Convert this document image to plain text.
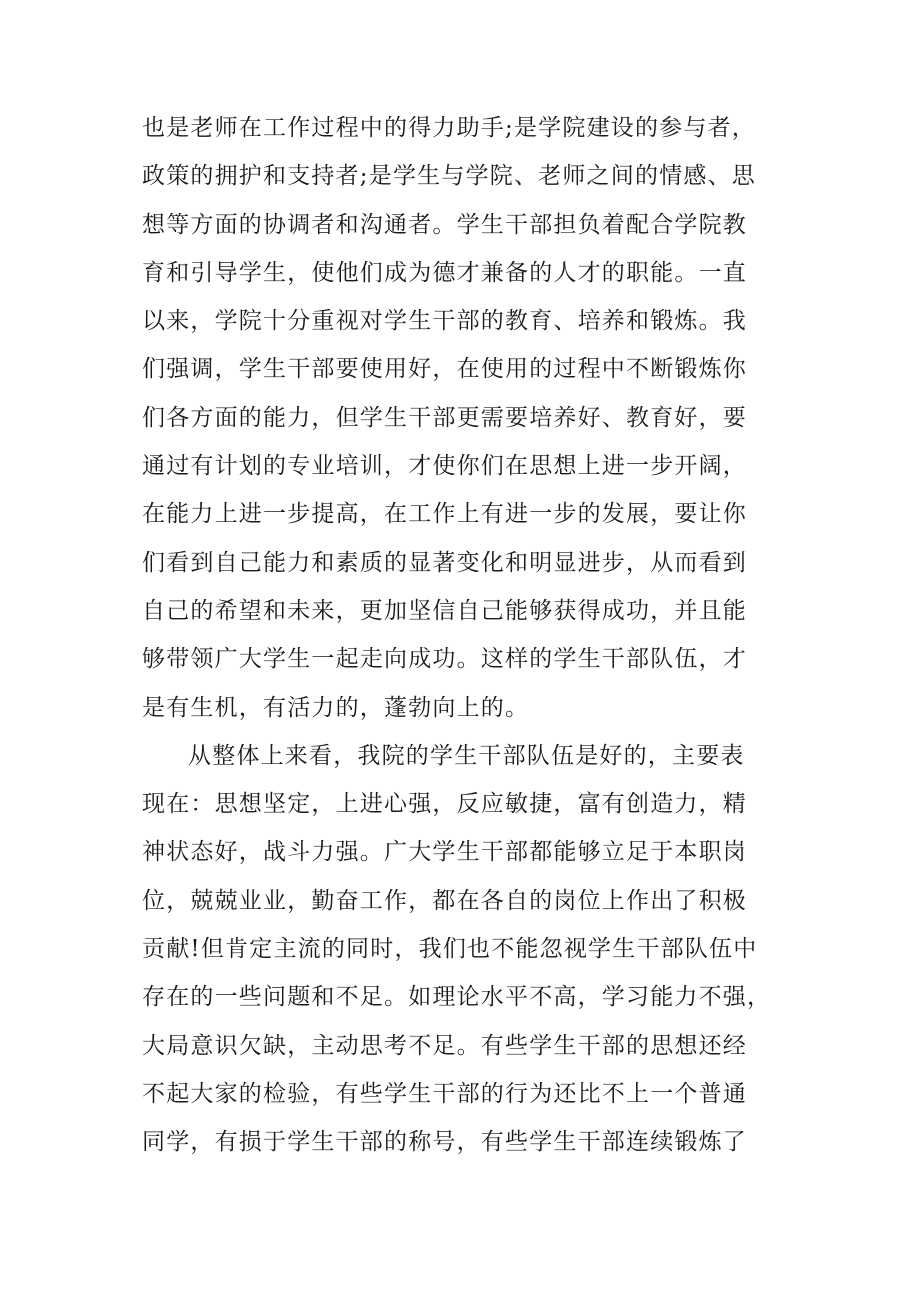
也是老师在工作过程中的得力助手;是学院建设的参与者，
政策的拥护和支持者;是学生与学院、老师之间的情感、思
想等方面的协调者和沟通者。学生干部担负着配合学院教
育和引导学生，使他们成为德才兼备的人才的职能。一直
以来，学院十分重视对学生干部的教育、培养和锻炼。我
们强调，学生干部要使用好，在使用的过程中不断锻炼你
们各方面的能力，但学生干部更需要培养好、教育好，要
通过有计划的专业培训，才使你们在思想上进一步开阔，
在能力上进一步提高，在工作上有进一步的发展，要让你
们看到自己能力和素质的显著变化和明显进步，从而看到
自己的希望和未来，更加坚信自己能够获得成功，并且能
够带领广大学生一起走向成功。这样的学生干部队伍，才
是有生机，有活力的，蓬勃向上的。
从整体上来看，我院的学生干部队伍是好的，主要表
现在：思想坚定，上进心强，反应敏捷，富有创造力，精
神状态好，战斗力强。广大学生干部都能够立足于本职岗
位，兢兢业业，勤奋工作，都在各自的岗位上作出了积极
贡献!但肯定主流的同时，我们也不能忽视学生干部队伍中
存在的一些问题和不足。如理论水平不高，学习能力不强，
大局意识欠缺，主动思考不足。有些学生干部的思想还经
不起大家的检验，有些学生干部的行为还比不上一个普通
同学，有损于学生干部的称号，有些学生干部连续锻炼了
